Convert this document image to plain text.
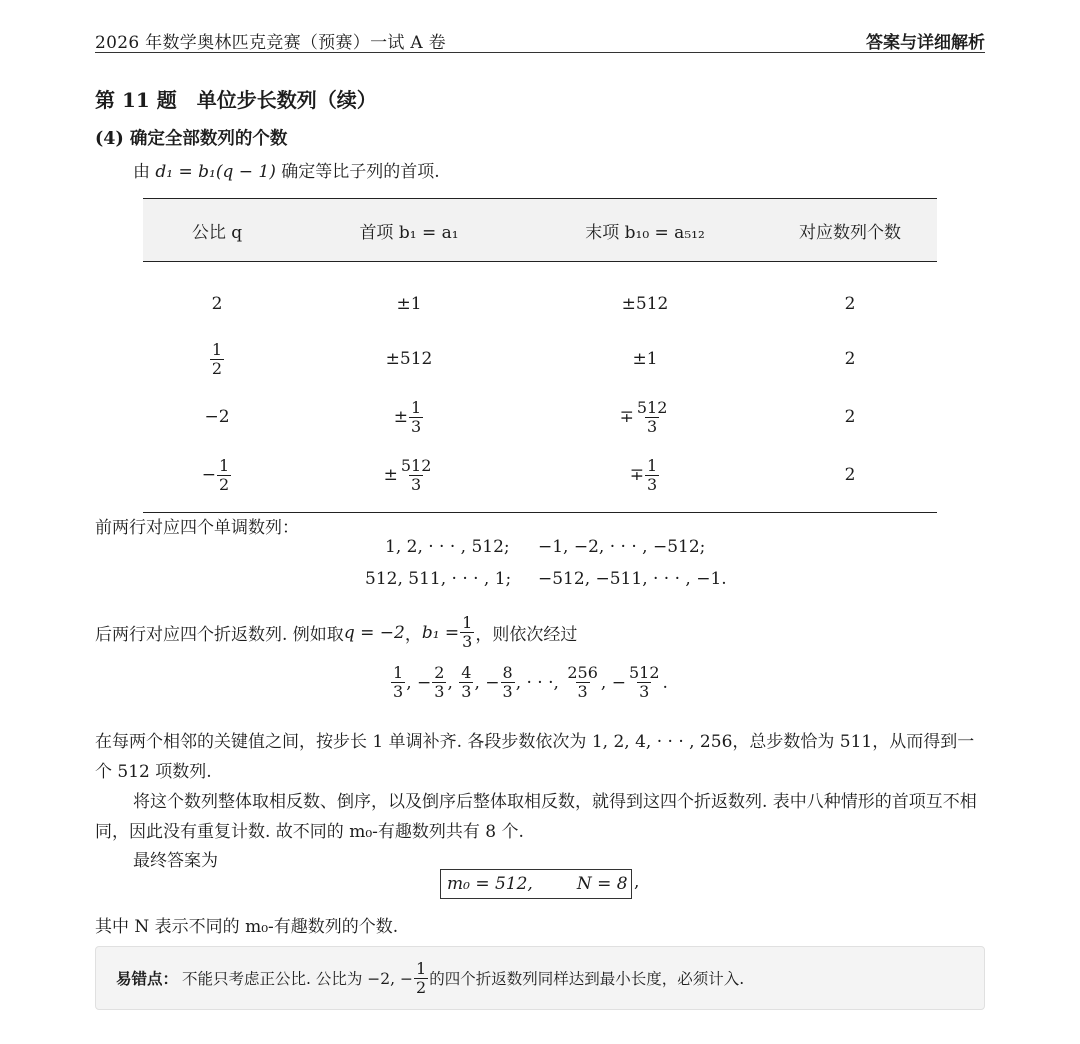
2026 年数学奥林匹克竞赛（预赛）一试 A 卷	答案与详细解析
第 11 题　单位步长数列（续）
(4) 确定全部数列的个数
由 d₁ = b₁(q − 1) 确定等比子列的首项.
公比 q	首项 b₁ = a₁	末项 b₁₀ = a₅₁₂	对应数列个数
2	±1	±512	2
$\frac{1}{2}$	±512	±1	2
−2	± $\frac{1}{3}$	∓ $\frac{512}{3}$	2
− $\frac{1}{2}$	± $\frac{512}{3}$	∓ $\frac{1}{3}$	2
前两行对应四个单调数列：
1, 2, · · · , 512; −1, −2, · · · , −512;
512, 511, · · · , 1; −512, −511, · · · , −1.
后两行对应四个折返数列. 例如取 q = −2 ， $b_1 = \frac{1}{3}$ ，则依次经过
$\frac{1}{3}$ , − $\frac{2}{3}$ , $\frac{4}{3}$ , − $\frac{8}{3}$ , · · · , $\frac{256}{3}$ , − $\frac{512}{3}$ .
在每两个相邻的关键值之间，按步长 1 单调补齐. 各段步数依次为 1, 2, 4, · · · , 256，总步数恰为 511，从而得到一个 512 项数列.
将这个数列整体取相反数、倒序，以及倒序后整体取相反数，就得到这四个折返数列. 表中八种情形的首项互不相同，因此没有重复计数. 故不同的 m₀-有趣数列共有 8 个.
最终答案为
m₀ = 512,	N = 8 ,
其中 N 表示不同的 m₀-有趣数列的个数.
易错点： 不能只考虑正公比. 公比为 −2, − $\frac{1}{2}$ 的四个折返数列同样达到最小长度，必须计入.
